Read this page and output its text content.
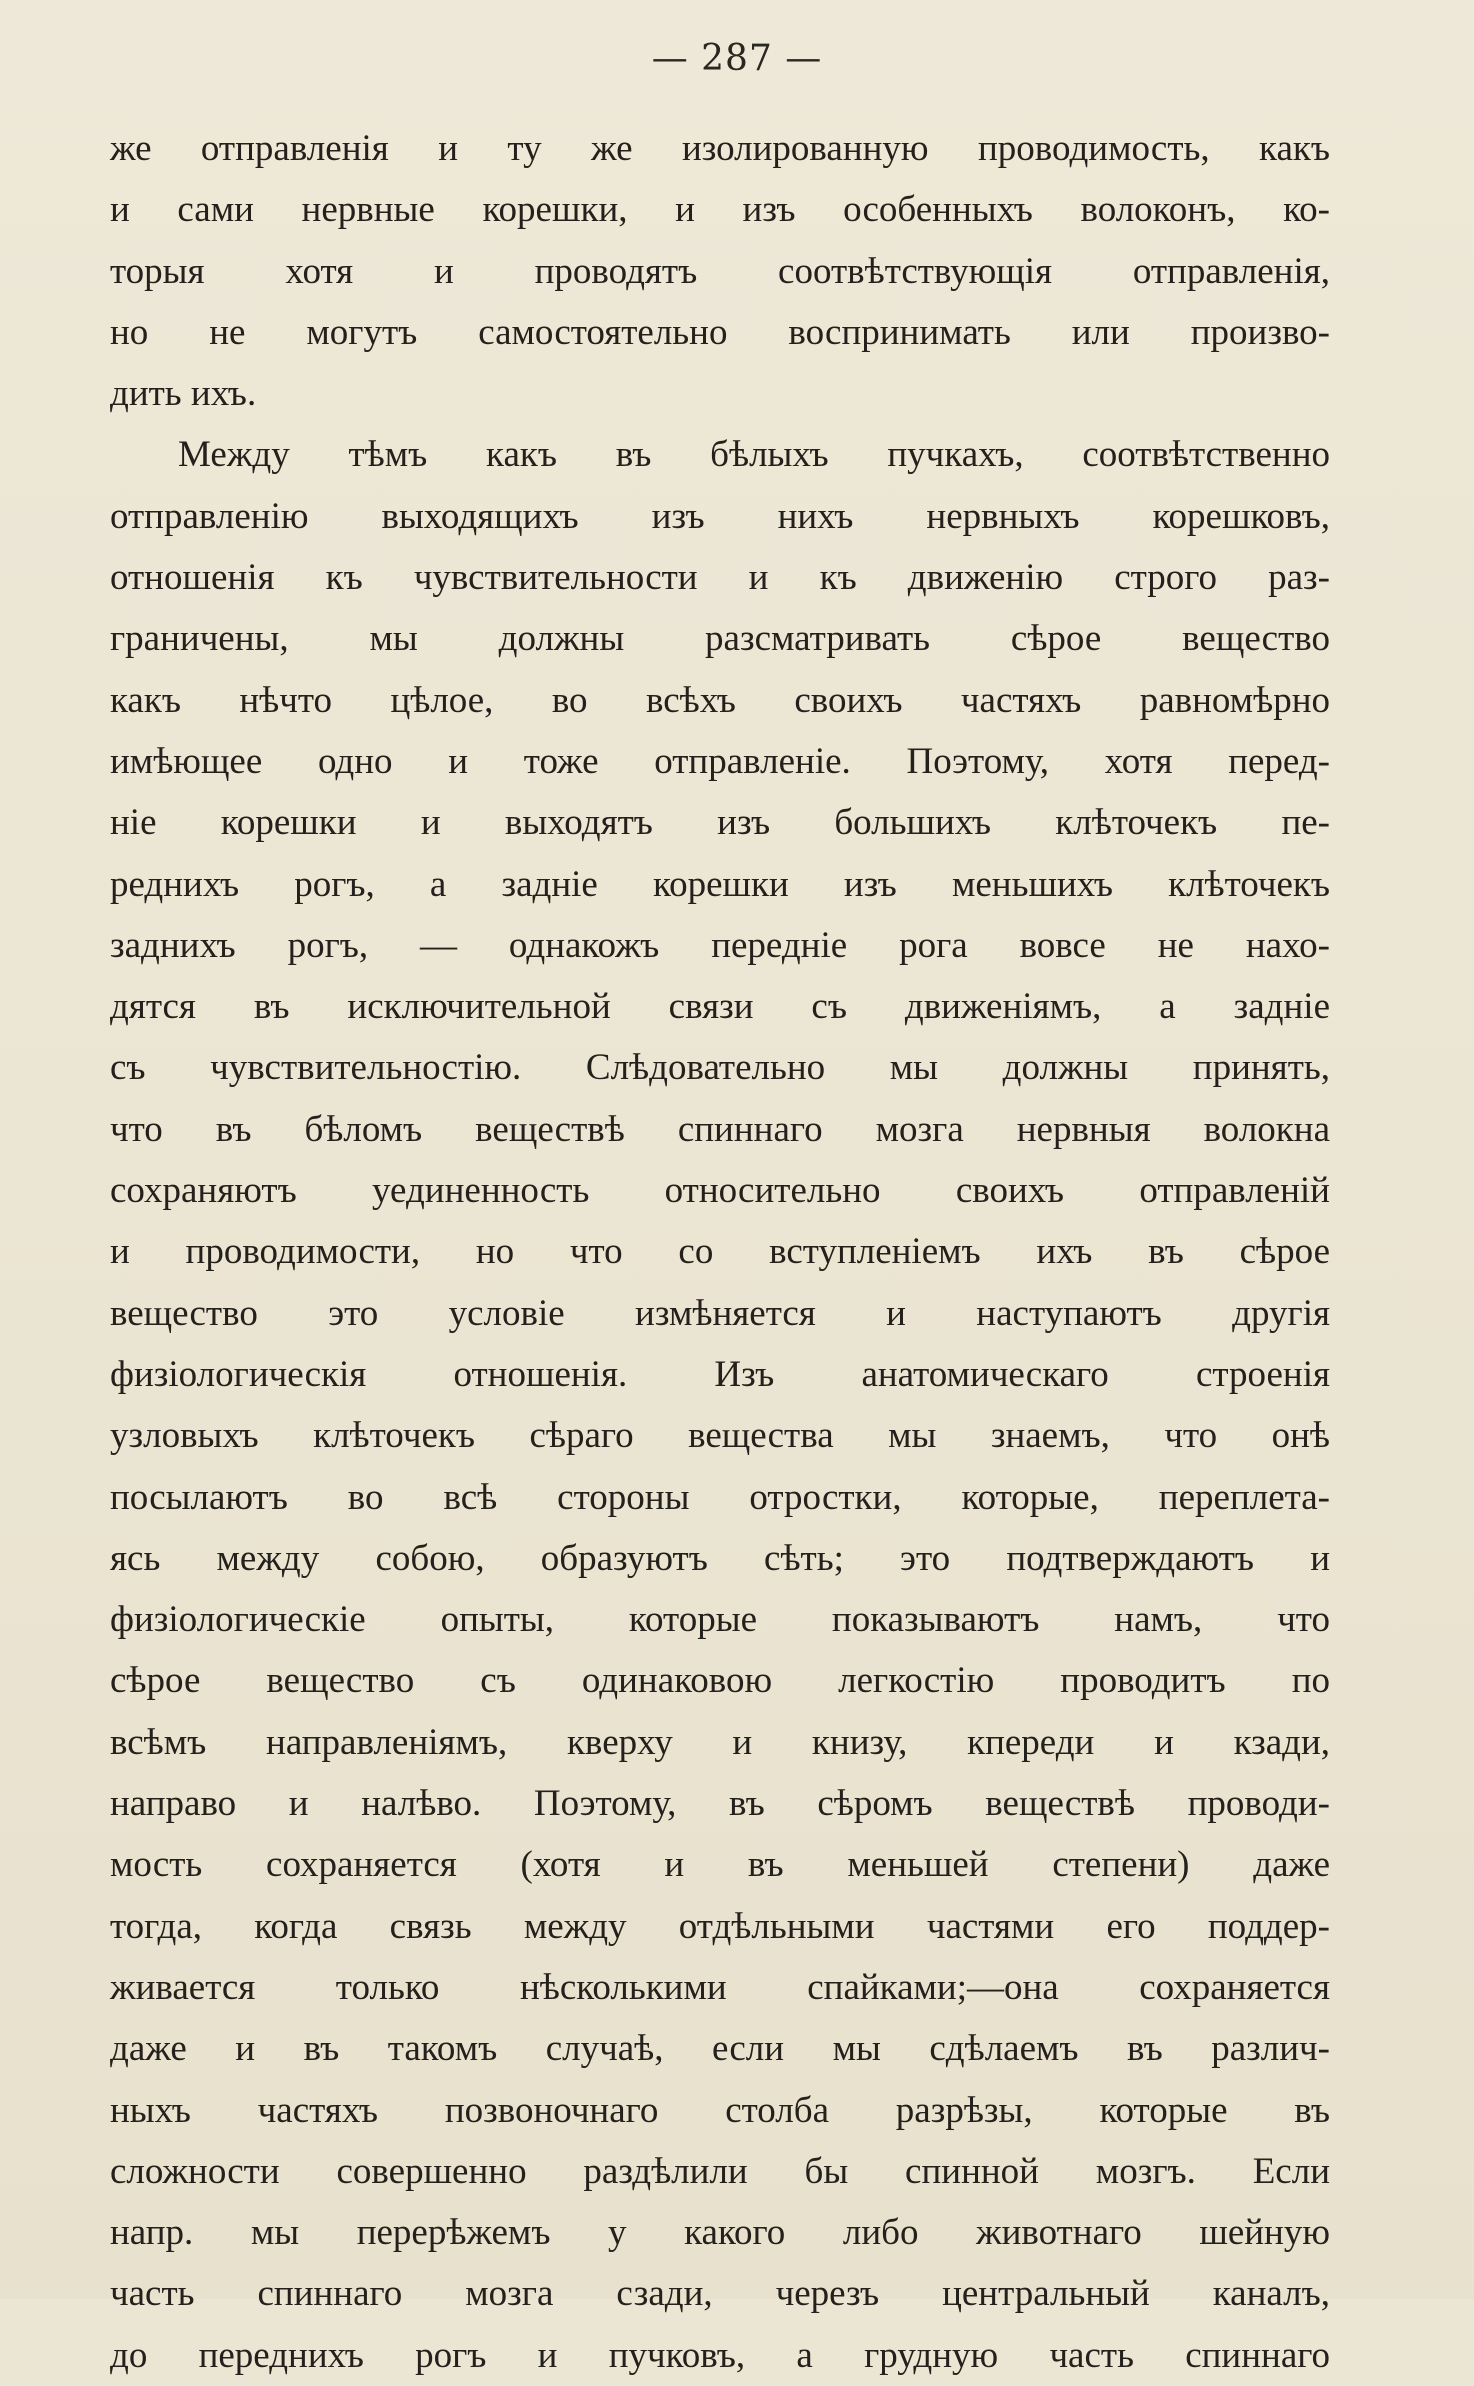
— 287 —
же отправленія и ту же изолированную проводимость, какъ
и сами нервные корешки, и изъ особенныхъ волоконъ, ко-
торыя хотя и проводятъ соотвѣтствующія отправленія,
но не могутъ самостоятельно воспринимать или произво-
дить ихъ.
Между тѣмъ какъ въ бѣлыхъ пучкахъ, соотвѣтственно
отправленію выходящихъ изъ нихъ нервныхъ корешковъ,
отношенія къ чувствительности и къ движенію строго раз-
граничены, мы должны разсматривать сѣрое вещество
какъ нѣчто цѣлое, во всѣхъ своихъ частяхъ равномѣрно
имѣющее одно и тоже отправленіе. Поэтому, хотя перед-
ніе корешки и выходятъ изъ большихъ клѣточекъ пе-
реднихъ рогъ, а задніе корешки изъ меньшихъ клѣточекъ
заднихъ рогъ, — однакожъ передніе рога вовсе не нахо-
дятся въ исключительной связи съ движеніямъ, а задніе
съ чувствительностію. Слѣдовательно мы должны принять,
что въ бѣломъ веществѣ спиннаго мозга нервныя волокна
сохраняютъ уединенность относительно своихъ отправленій
и проводимости, но что со вступленіемъ ихъ въ сѣрое
вещество это условіе измѣняется и наступаютъ другія
физіологическія отношенія. Изъ анатомическаго строенія
узловыхъ клѣточекъ сѣраго вещества мы знаемъ, что онѣ
посылаютъ во всѣ стороны отростки, которые, переплета-
ясь между собою, образуютъ сѣть; это подтверждаютъ и
физіологическіе опыты, которые показываютъ намъ, что
сѣрое вещество съ одинаковою легкостію проводитъ по
всѣмъ направленіямъ, кверху и книзу, кпереди и кзади,
направо и налѣво. Поэтому, въ сѣромъ веществѣ проводи-
мость сохраняется (хотя и въ меньшей степени) даже
тогда, когда связь между отдѣльными частями его поддер-
живается только нѣсколькими спайками;—она сохраняется
даже и въ такомъ случаѣ, если мы сдѣлаемъ въ различ-
ныхъ частяхъ позвоночнаго столба разрѣзы, которые въ
сложности совершенно раздѣлили бы спинной мозгъ. Если
напр. мы перерѣжемъ у какого либо животнаго шейную
часть спиннаго мозга сзади, черезъ центральный каналъ,
до переднихъ рогъ и пучковъ, а грудную часть спиннаго
